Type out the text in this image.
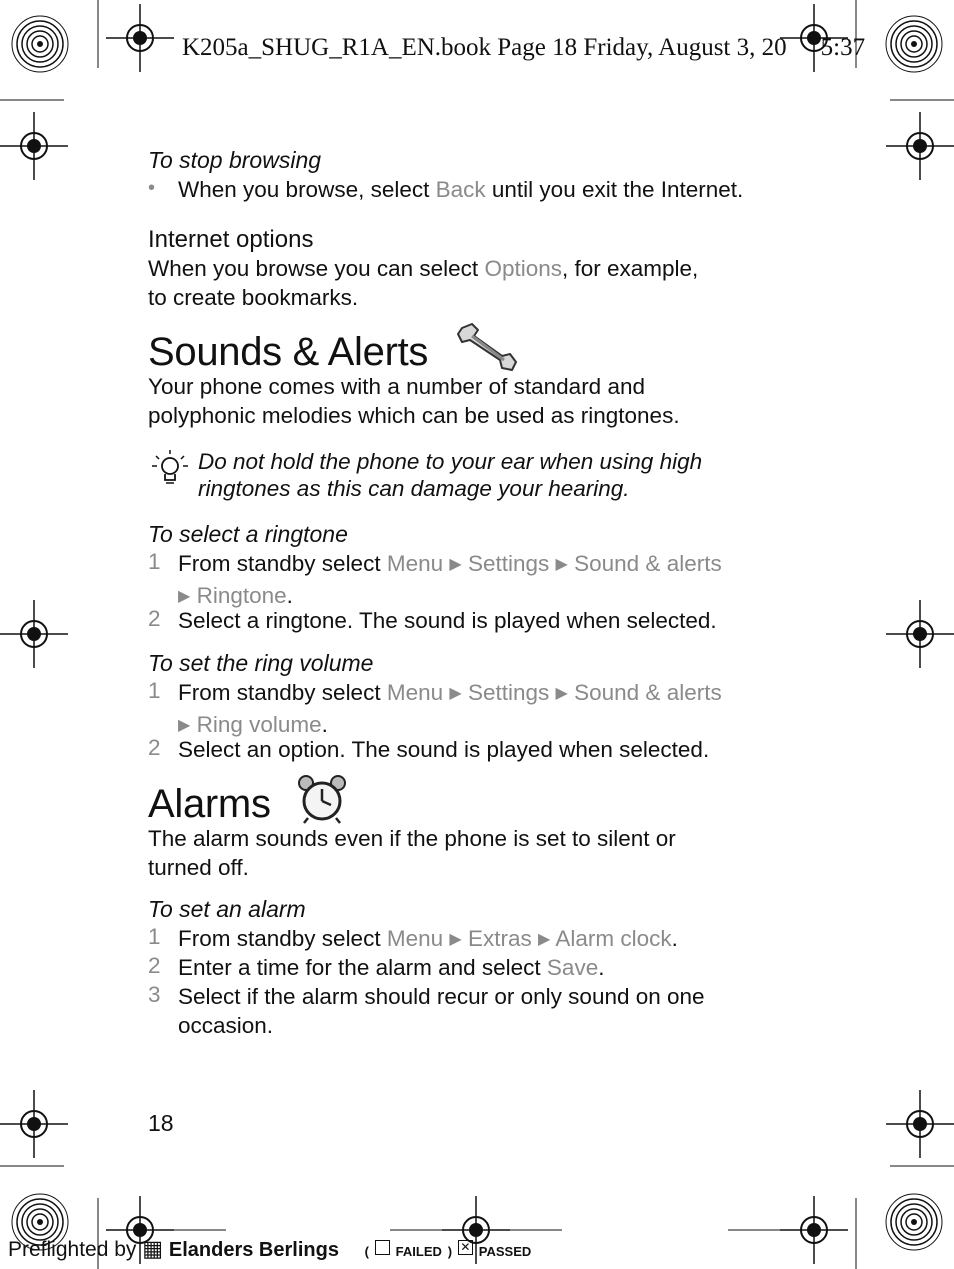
K205a_SHUG_R1A_EN.book Page 18 Friday, August 3, 20 5:37
To stop browsing
• When you browse, select Back until you exit the Internet.
Internet options
When you browse you can select Options, for example,
to create bookmarks.
Sounds & Alerts
Your phone comes with a number of standard and
polyphonic melodies which can be used as ringtones.
Do not hold the phone to your ear when using high
ringtones as this can damage your hearing.
To select a ringtone
1 From standby select Menu ▶ Settings ▶ Sound & alerts
▶ Ringtone.
2 Select a ringtone. The sound is played when selected.
To set the ring volume
1 From standby select Menu ▶ Settings ▶ Sound & alerts
▶ Ring volume.
2 Select an option. The sound is played when selected.
Alarms
The alarm sounds even if the phone is set to silent or
turned off.
To set an alarm
1 From standby select Menu ▶ Extras ▶ Alarm clock.
2 Enter a time for the alarm and select Save.
3 Select if the alarm should recur or only sound on one
occasion.
18
Preflighted by ▦ Elanders Berlings ( FAILED ) ✕ PASSED
